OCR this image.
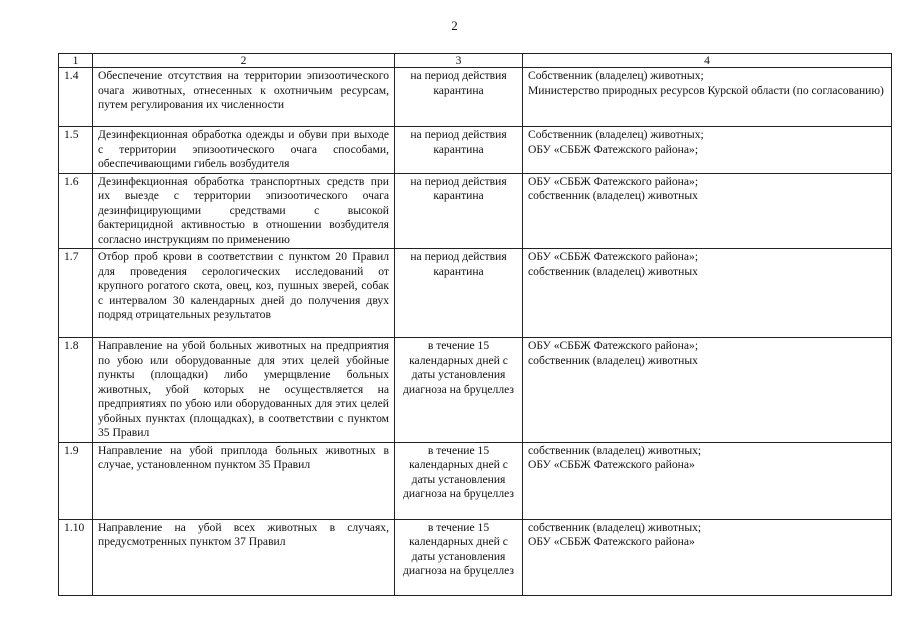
2
1	2	3	4
1.4	Обеспечение отсутствия на территории эпизоотического очага животных, отнесенных к охотничьим ресурсам, путем регулирования их численности	на период действия карантина	Собственник (владелец) животных;
Министерство природных ресурсов Курской области (по согласованию)

1.5	Дезинфекционная обработка одежды и обуви при выходе с территории эпизоотического очага способами, обеспечивающими гибель возбудителя	на период действия карантина	Собственник (владелец) животных;
ОБУ «СББЖ Фатежского района»;

1.6	Дезинфекционная обработка транспортных средств при их выезде с территории эпизоотического очага дезинфицирующими средствами с высокой бактерицидной активностью в отношении возбудителя согласно инструкциям по применению	на период действия карантина	ОБУ «СББЖ Фатежского района»;
собственник (владелец) животных

1.7	Отбор проб крови в соответствии с пунктом 20 Правил для проведения серологических исследований от крупного рогатого скота, овец, коз, пушных зверей, собак с интервалом 30 календарных дней до получения двух подряд отрицательных результатов	на период действия карантина	ОБУ «СББЖ Фатежского района»;
собственник (владелец) животных

1.8	Направление на убой больных животных на предприятия по убою или оборудованные для этих целей убойные пункты (площадки) либо умерщвление больных животных, убой которых не осуществляется на предприятиях по убою или оборудованных для этих целей убойных пунктах (площадках), в соответствии с пунктом 35 Правил	в течение 15 календарных дней с даты установления диагноза на бруцеллез	ОБУ «СББЖ Фатежского района»;
собственник (владелец) животных

1.9	Направление на убой приплода больных животных в случае, установленном пунктом 35 Правил	в течение 15 календарных дней с даты установления диагноза на бруцеллез	собственник (владелец) животных;
ОБУ «СББЖ Фатежского района»

1.10	Направление на убой всех животных в случаях, предусмотренных пунктом 37 Правил	в течение 15 календарных дней с даты установления диагноза на бруцеллез	собственник (владелец) животных;
ОБУ «СББЖ Фатежского района»
